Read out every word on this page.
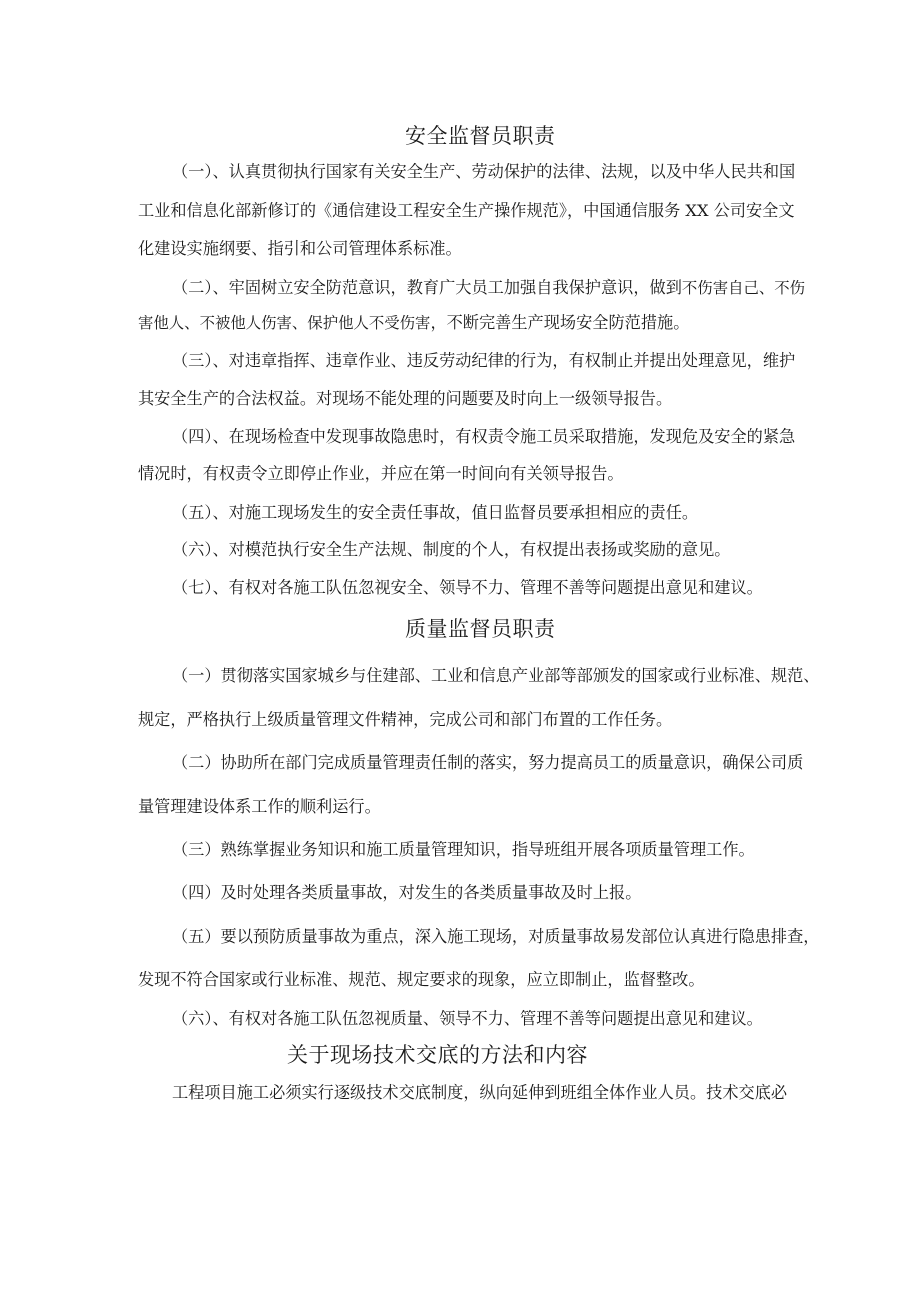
安全监督员职责
（一）、认真贯彻执行国家有关安全生产、劳动保护的法律、法规，以及中华人民共和国
工业和信息化部新修订的《通信建设工程安全生产操作规范》，中国通信服务 XX 公司安全文
化建设实施纲要、指引和公司管理体系标准。
（二）、牢固树立安全防范意识，教育广大员工加强自我保护意识，做到不伤害自己、不伤
害他人、不被他人伤害、保护他人不受伤害，不断完善生产现场安全防范措施。
（三）、对违章指挥、违章作业、违反劳动纪律的行为，有权制止并提出处理意见，维护
其安全生产的合法权益。对现场不能处理的问题要及时向上一级领导报告。
（四）、在现场检查中发现事故隐患时，有权责令施工员采取措施，发现危及安全的紧急
情况时，有权责令立即停止作业，并应在第一时间向有关领导报告。
（五）、对施工现场发生的安全责任事故，值日监督员要承担相应的责任。
（六）、对模范执行安全生产法规、制度的个人，有权提出表扬或奖励的意见。
（七）、有权对各施工队伍忽视安全、领导不力、管理不善等问题提出意见和建议。
质量监督员职责
（一）贯彻落实国家城乡与住建部、工业和信息产业部等部颁发的国家或行业标准、规范、
规定，严格执行上级质量管理文件精神，完成公司和部门布置的工作任务。
（二）协助所在部门完成质量管理责任制的落实，努力提高员工的质量意识，确保公司质
量管理建设体系工作的顺利运行。
（三）熟练掌握业务知识和施工质量管理知识，指导班组开展各项质量管理工作。
（四）及时处理各类质量事故，对发生的各类质量事故及时上报。
（五）要以预防质量事故为重点，深入施工现场，对质量事故易发部位认真进行隐患排查，
发现不符合国家或行业标准、规范、规定要求的现象，应立即制止，监督整改。
（六）、有权对各施工队伍忽视质量、领导不力、管理不善等问题提出意见和建议。
关于现场技术交底的方法和内容
工程项目施工必须实行逐级技术交底制度，纵向延伸到班组全体作业人员。技术交底必
